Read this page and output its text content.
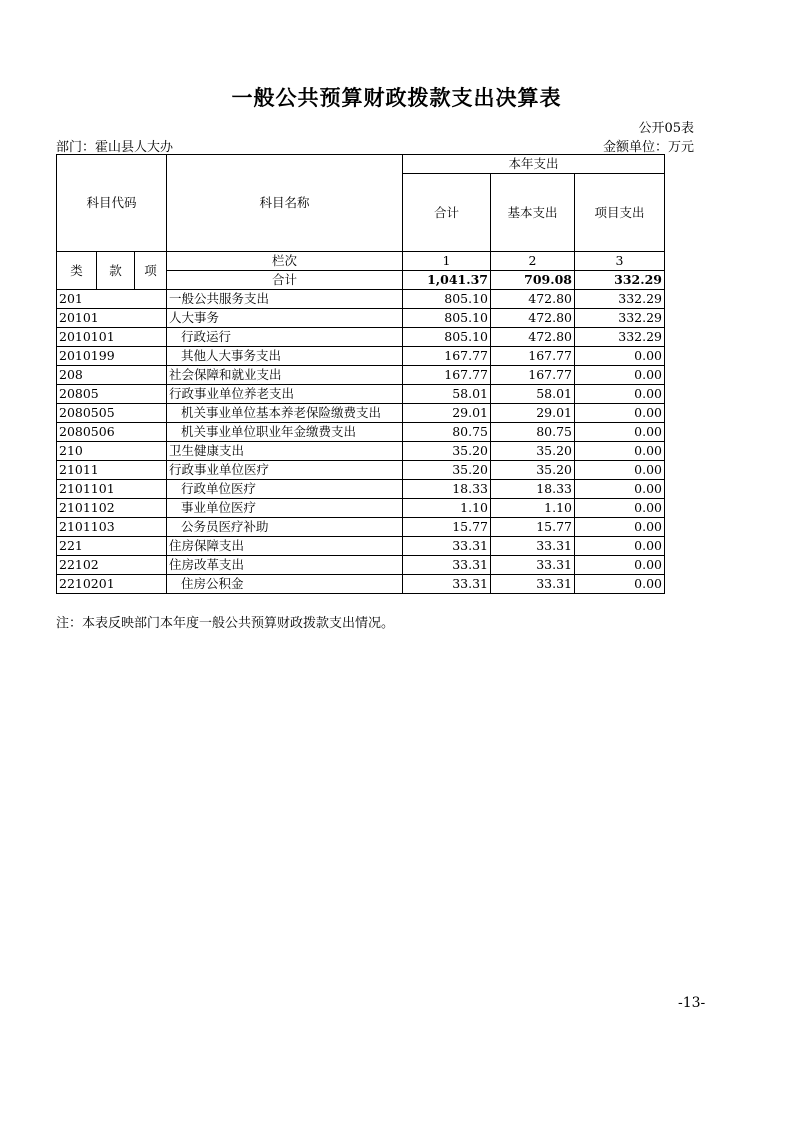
一般公共预算财政拨款支出决算表
公开05表
部门：霍山县人大办	金额单位：万元
科目代码			科目名称	本年支出		
				合计	基本支出	项目支出
类	款	项	栏次	1	2	3
			合计	1,041.37	709.08	332.29
201			一般公共服务支出	805.10	472.80	332.29
20101			人大事务	805.10	472.80	332.29
2010101			行政运行	805.10	472.80	332.29
2010199			其他人大事务支出	167.77	167.77	0.00
208			社会保障和就业支出	167.77	167.77	0.00
20805			行政事业单位养老支出	58.01	58.01	0.00
2080505			机关事业单位基本养老保险缴费支出	29.01	29.01	0.00
2080506			机关事业单位职业年金缴费支出	80.75	80.75	0.00
210			卫生健康支出	35.20	35.20	0.00
21011			行政事业单位医疗	35.20	35.20	0.00
2101101			行政单位医疗	18.33	18.33	0.00
2101102			事业单位医疗	1.10	1.10	0.00
2101103			公务员医疗补助	15.77	15.77	0.00
221			住房保障支出	33.31	33.31	0.00
22102			住房改革支出	33.31	33.31	0.00
2210201			住房公积金	33.31	33.31	0.00
注：本表反映部门本年度一般公共预算财政拨款支出情况。
-13-
